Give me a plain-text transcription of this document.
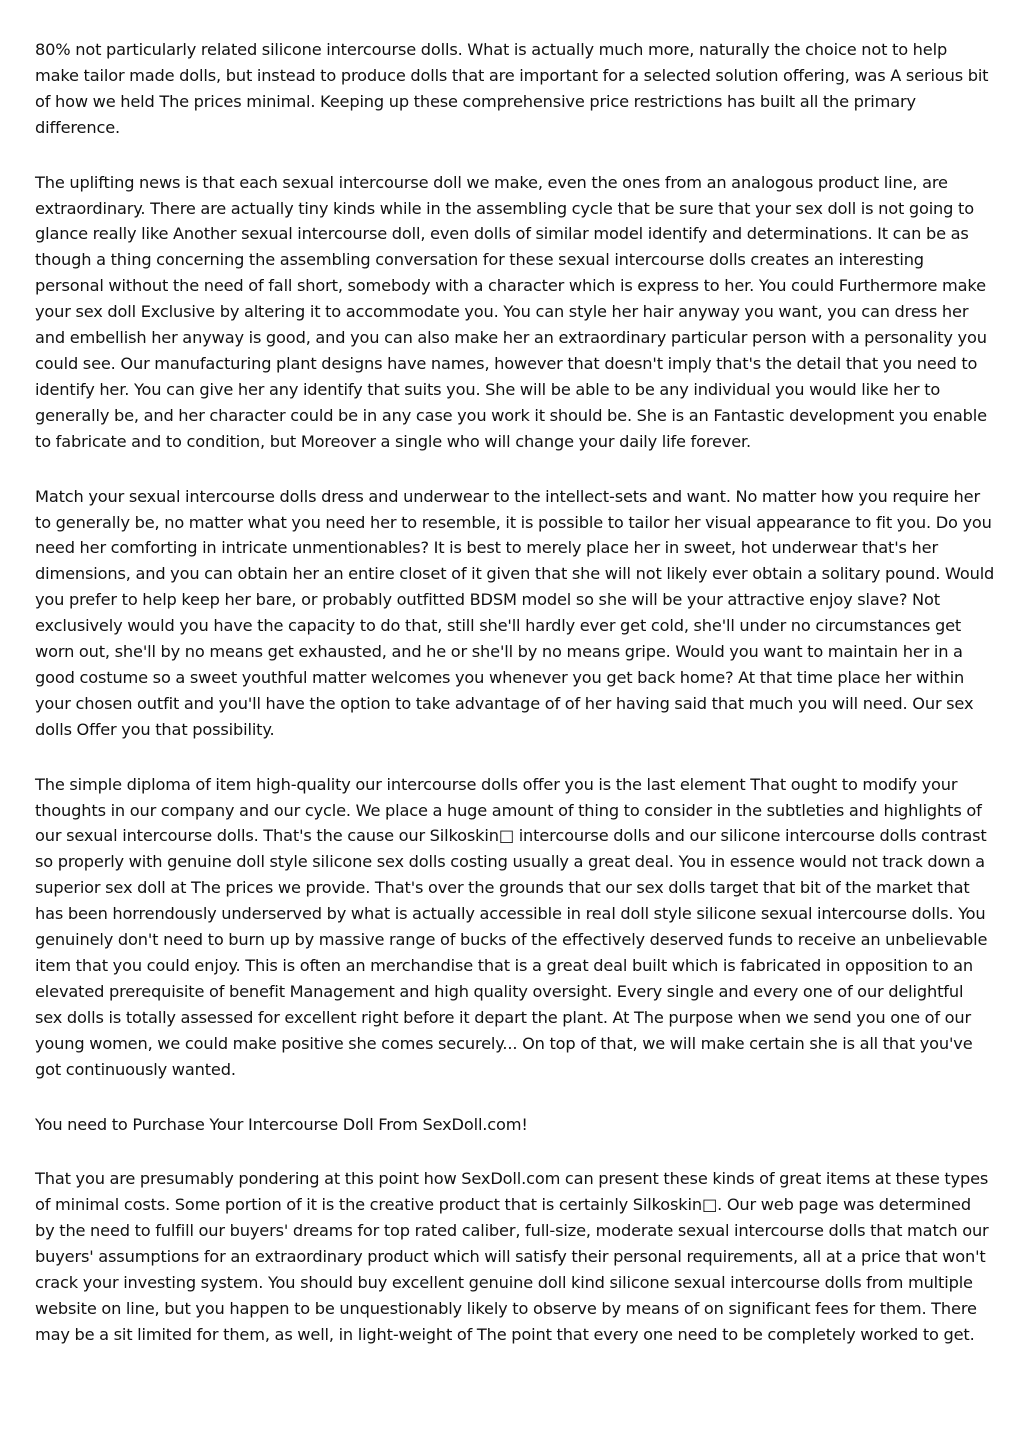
80% not particularly related silicone intercourse dolls. What is actually much more, naturally the choice not to help make tailor made dolls, but instead to produce dolls that are important for a selected solution offering, was A serious bit of how we held The prices minimal. Keeping up these comprehensive price restrictions has built all the primary difference.

The uplifting news is that each sexual intercourse doll we make, even the ones from an analogous product line, are extraordinary. There are actually tiny kinds while in the assembling cycle that be sure that your sex doll is not going to glance really like Another sexual intercourse doll, even dolls of similar model identify and determinations. It can be as though a thing concerning the assembling conversation for these sexual intercourse dolls creates an interesting personal without the need of fall short, somebody with a character which is express to her. You could Furthermore make your sex doll Exclusive by altering it to accommodate you. You can style her hair anyway you want, you can dress her and embellish her anyway is good, and you can also make her an extraordinary particular person with a personality you could see. Our manufacturing plant designs have names, however that doesn't imply that's the detail that you need to identify her. You can give her any identify that suits you. She will be able to be any individual you would like her to generally be, and her character could be in any case you work it should be. She is an Fantastic development you enable to fabricate and to condition, but Moreover a single who will change your daily life forever.

Match your sexual intercourse dolls dress and underwear to the intellect-sets and want. No matter how you require her to generally be, no matter what you need her to resemble, it is possible to tailor her visual appearance to fit you. Do you need her comforting in intricate unmentionables? It is best to merely place her in sweet, hot underwear that's her dimensions, and you can obtain her an entire closet of it given that she will not likely ever obtain a solitary pound. Would you prefer to help keep her bare, or probably outfitted BDSM model so she will be your attractive enjoy slave? Not exclusively would you have the capacity to do that, still she'll hardly ever get cold, she'll under no circumstances get worn out, she'll by no means get exhausted, and he or she'll by no means gripe. Would you want to maintain her in a good costume so a sweet youthful matter welcomes you whenever you get back home? At that time place her within your chosen outfit and you'll have the option to take advantage of of her having said that much you will need. Our sex dolls Offer you that possibility.

The simple diploma of item high-quality our intercourse dolls offer you is the last element That ought to modify your thoughts in our company and our cycle. We place a huge amount of thing to consider in the subtleties and highlights of our sexual intercourse dolls. That's the cause our Silkoskin□ intercourse dolls and our silicone intercourse dolls contrast so properly with genuine doll style silicone sex dolls costing usually a great deal. You in essence would not track down a superior sex doll at The prices we provide. That's over the grounds that our sex dolls target that bit of the market that has been horrendously underserved by what is actually accessible in real doll style silicone sexual intercourse dolls. You genuinely don't need to burn up by massive range of bucks of the effectively deserved funds to receive an unbelievable item that you could enjoy. This is often an merchandise that is a great deal built which is fabricated in opposition to an elevated prerequisite of benefit Management and high quality oversight. Every single and every one of our delightful sex dolls is totally assessed for excellent right before it depart the plant. At The purpose when we send you one of our young women, we could make positive she comes securely... On top of that, we will make certain she is all that you've got continuously wanted.

You need to Purchase Your Intercourse Doll From SexDoll.com!

That you are presumably pondering at this point how SexDoll.com can present these kinds of great items at these types of minimal costs. Some portion of it is the creative product that is certainly Silkoskin□. Our web page was determined by the need to fulfill our buyers' dreams for top rated caliber, full-size, moderate sexual intercourse dolls that match our buyers' assumptions for an extraordinary product which will satisfy their personal requirements, all at a price that won't crack your investing system. You should buy excellent genuine doll kind silicone sexual intercourse dolls from multiple website on line, but you happen to be unquestionably likely to observe by means of on significant fees for them. There may be a sit limited for them, as well, in light-weight of The point that every one need to be completely worked to get.
